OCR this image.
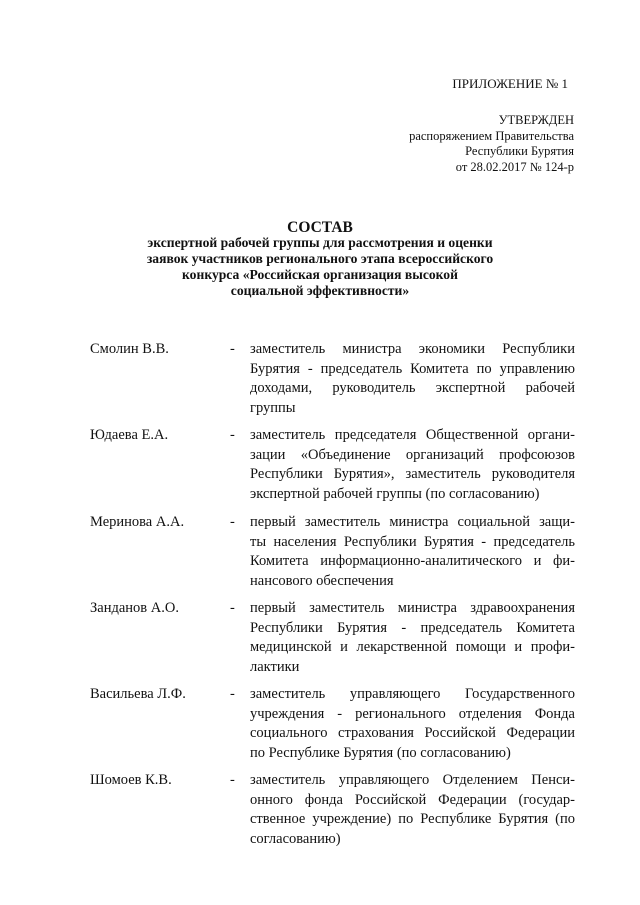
ПРИЛОЖЕНИЕ № 1
УТВЕРЖДЕН
распоряжением Правительства
Республики Бурятия
от 28.02.2017 № 124-р
СОСТАВ
экспертной рабочей группы для рассмотрения и оценки
заявок участников регионального этапа всероссийского
конкурса «Российская организация высокой
социальной эффективности»
Смолин В.В.	- заместитель министра экономики Республики
Бурятия - председатель Комитета по управлению
доходами, руководитель экспертной рабочей
группы
Юдаева Е.А.	- заместитель председателя Общественной органи-
зации «Объединение организаций профсоюзов
Республики Бурятия», заместитель руководителя
экспертной рабочей группы (по согласованию)
Меринова А.А.	- первый заместитель министра социальной защи-
ты населения Республики Бурятия - председатель
Комитета информационно-аналитического и фи-
нансового обеспечения
Занданов А.О.	- первый заместитель министра здравоохранения
Республики Бурятия - председатель Комитета
медицинской и лекарственной помощи и профи-
лактики
Васильева Л.Ф.	- заместитель управляющего Государственного
учреждения - регионального отделения Фонда
социального страхования Российской Федерации
по Республике Бурятия (по согласованию)
Шомоев К.В.	- заместитель управляющего Отделением Пенси-
онного фонда Российской Федерации (государ-
ственное учреждение) по Республике Бурятия (по
согласованию)
